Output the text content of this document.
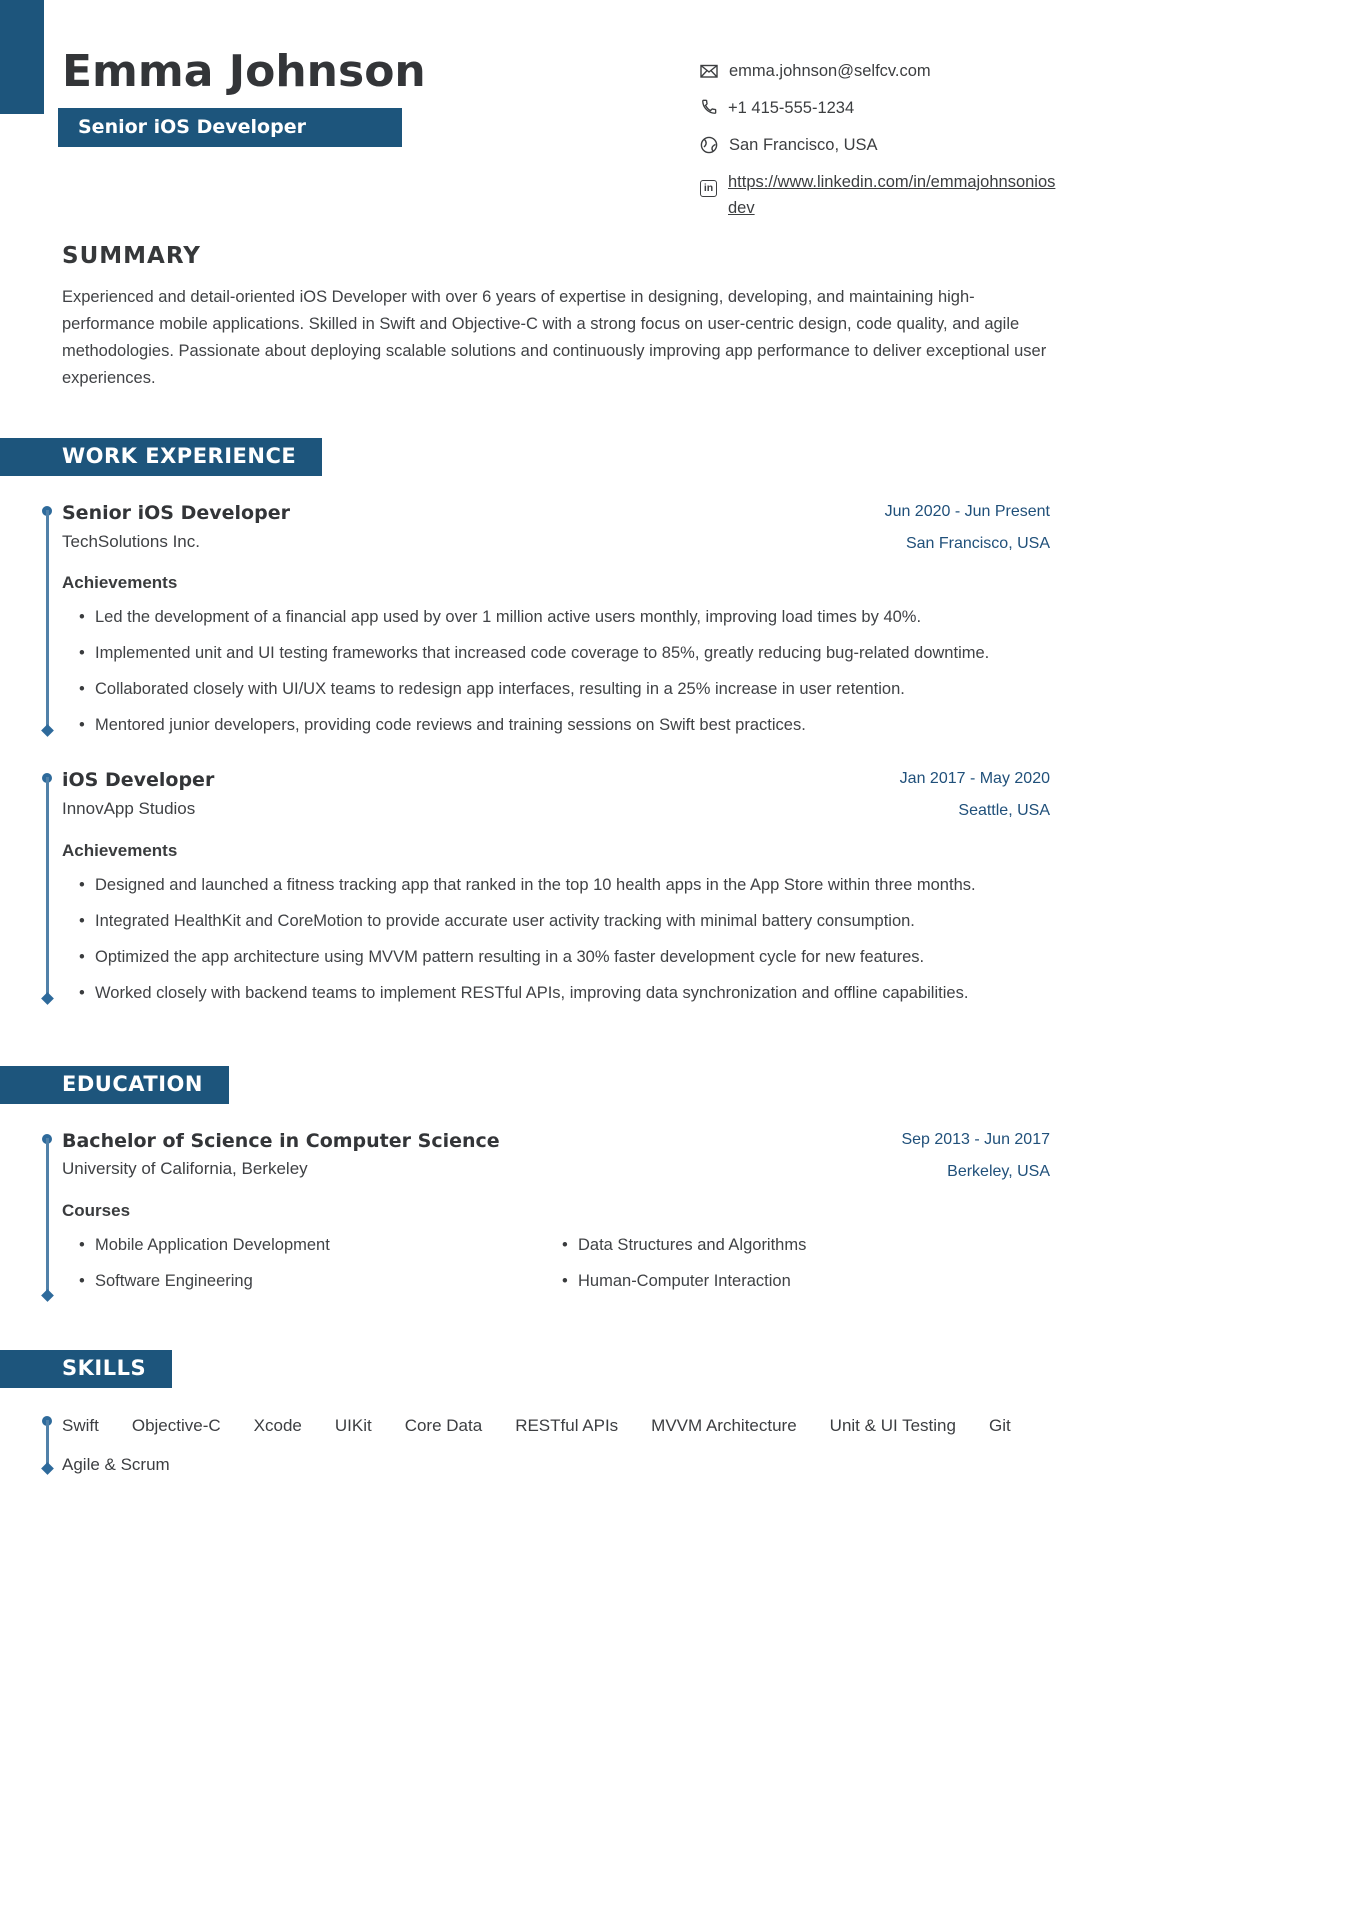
Emma Johnson
Senior iOS Developer
emma.johnson@selfcv.com
+1 415-555-1234
San Francisco, USA
in https://www.linkedin.com/in/emmajohnsoniosdev
SUMMARY

Experienced and detail-oriented iOS Developer with over 6 years of expertise in designing, developing, and maintaining high-performance mobile applications. Skilled in Swift and Objective-C with a strong focus on user-centric design, code quality, and agile methodologies. Passionate about deploying scalable solutions and continuously improving app performance to deliver exceptional user experiences.

WORK EXPERIENCE
Senior iOS Developer
TechSolutions Inc.
Jun 2020 - Jun Present
San Francisco, USA
Achievements
• Led the development of a financial app used by over 1 million active users monthly, improving load times by 40%.
• Implemented unit and UI testing frameworks that increased code coverage to 85%, greatly reducing bug-related downtime.
• Collaborated closely with UI/UX teams to redesign app interfaces, resulting in a 25% increase in user retention.
• Mentored junior developers, providing code reviews and training sessions on Swift best practices.
iOS Developer
InnovApp Studios
Jan 2017 - May 2020
Seattle, USA
Achievements
• Designed and launched a fitness tracking app that ranked in the top 10 health apps in the App Store within three months.
• Integrated HealthKit and CoreMotion to provide accurate user activity tracking with minimal battery consumption.
• Optimized the app architecture using MVVM pattern resulting in a 30% faster development cycle for new features.
• Worked closely with backend teams to implement RESTful APIs, improving data synchronization and offline capabilities.
EDUCATION
Bachelor of Science in Computer Science
University of California, Berkeley
Sep 2013 - Jun 2017
Berkeley, USA
Courses
• Mobile Application Development	• Data Structures and Algorithms
• Software Engineering	• Human-Computer Interaction
SKILLS
Swift Objective-C Xcode UIKit Core Data RESTful APIs MVVM Architecture Unit & UI Testing Git
Agile & Scrum
